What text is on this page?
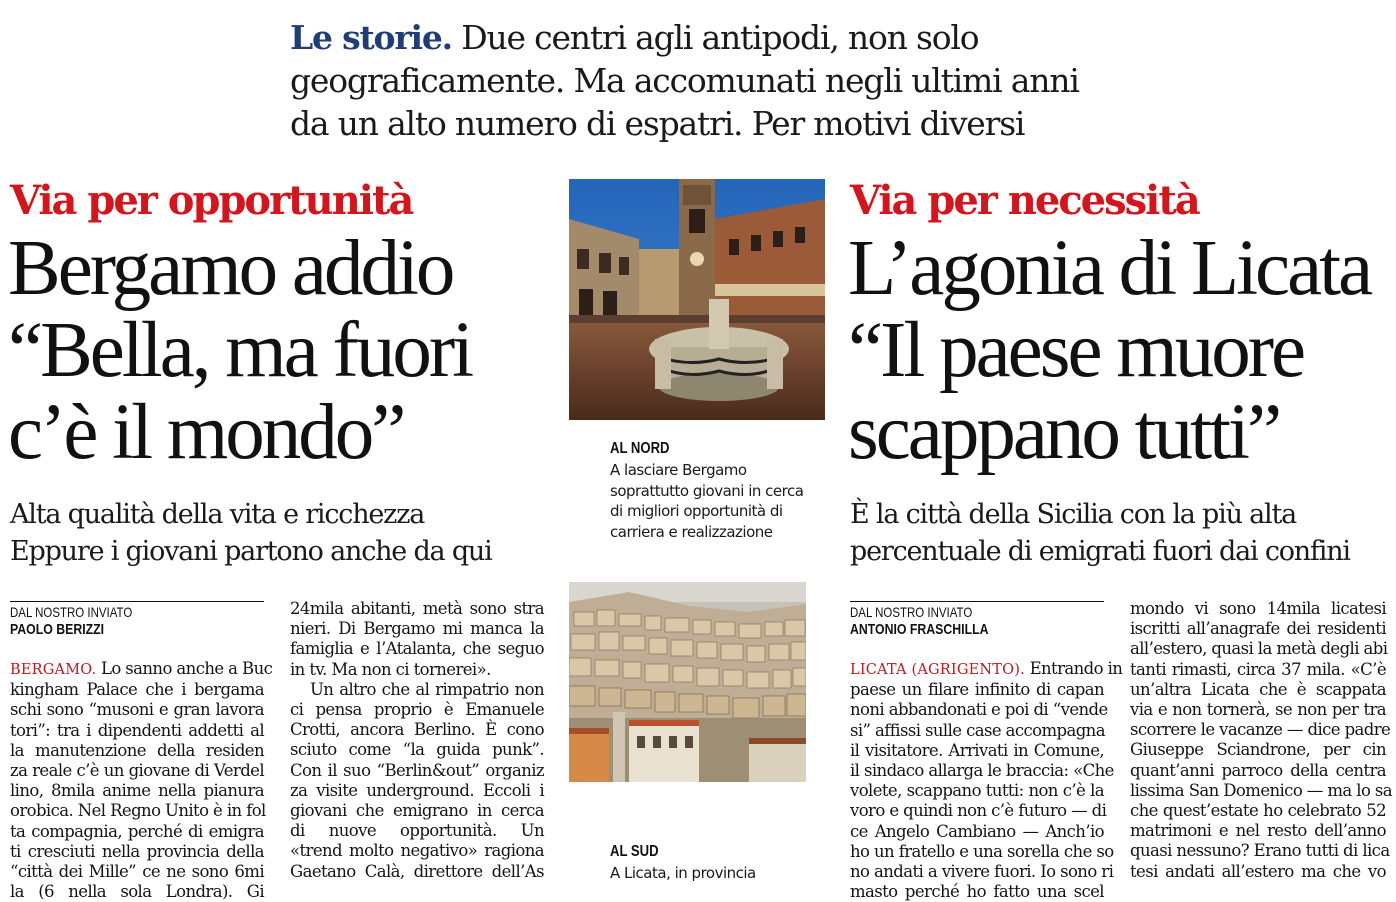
Le storie. Due centri agli antipodi, non solo
geograficamente. Ma accomunati negli ultimi anni
da un alto numero di espatri. Per motivi diversi
Via per opportunità
Bergamo addio
“Bella, ma fuori
c’è il mondo”
Alta qualità della vita e ricchezza
Eppure i giovani partono anche da qui
DAL NOSTRO INVIATO
PAOLO BERIZZI
BERGAMO. Lo sanno anche a Buc
kingham Palace che i bergama
schi sono “musoni e gran lavora
tori”: tra i dipendenti addetti al
la manutenzione della residen
za reale c’è un giovane di Verdel
lino, 8mila anime nella pianura
orobica. Nel Regno Unito è in fol
ta compagnia, perché di emigra
ti cresciuti nella provincia della
“città dei Mille” ce ne sono 6mi
la (6 nella sola Londra). Gi
24mila abitanti, metà sono stra
nieri. Di Bergamo mi manca la
famiglia e l’Atalanta, che seguo
in tv. Ma non ci tornerei».
Un altro che al rimpatrio non
ci pensa proprio è Emanuele
Crotti, ancora Berlino. È cono
sciuto come “la guida punk”.
Con il suo “Berlin&out” organiz
za visite underground. Eccoli i
giovani che emigrano in cerca
di nuove opportunità. Un
«trend molto negativo» ragiona
Gaetano Calà, direttore dell’As
AL NORD
A lasciare Bergamo
soprattutto giovani in cerca
di migliori opportunità di
carriera e realizzazione
AL SUD
A Licata, in provincia
Via per necessità
L’agonia di Licata
“Il paese muore
scappano tutti”
È la città della Sicilia con la più alta
percentuale di emigrati fuori dai confini
DAL NOSTRO INVIATO
ANTONIO FRASCHILLA
LICATA (AGRIGENTO). Entrando in
paese un filare infinito di capan
noni abbandonati e poi di “vende
si” affissi sulle case accompagna
il visitatore. Arrivati in Comune,
il sindaco allarga le braccia: «Che
volete, scappano tutti: non c’è la
voro e quindi non c’è futuro — di
ce Angelo Cambiano — Anch’io
ho un fratello e una sorella che so
no andati a vivere fuori. Io sono ri
masto perché ho fatto una scel
mondo vi sono 14mila licatesi
iscritti all’anagrafe dei residenti
all’estero, quasi la metà degli abi
tanti rimasti, circa 37 mila. «C’è
un’altra Licata che è scappata
via e non tornerà, se non per tra
scorrere le vacanze — dice padre
Giuseppe Sciandrone, per cin
quant’anni parroco della centra
lissima San Domenico — ma lo sa
che quest’estate ho celebrato 52
matrimoni e nel resto dell’anno
quasi nessuno? Erano tutti di lica
tesi andati all’estero ma che vo
